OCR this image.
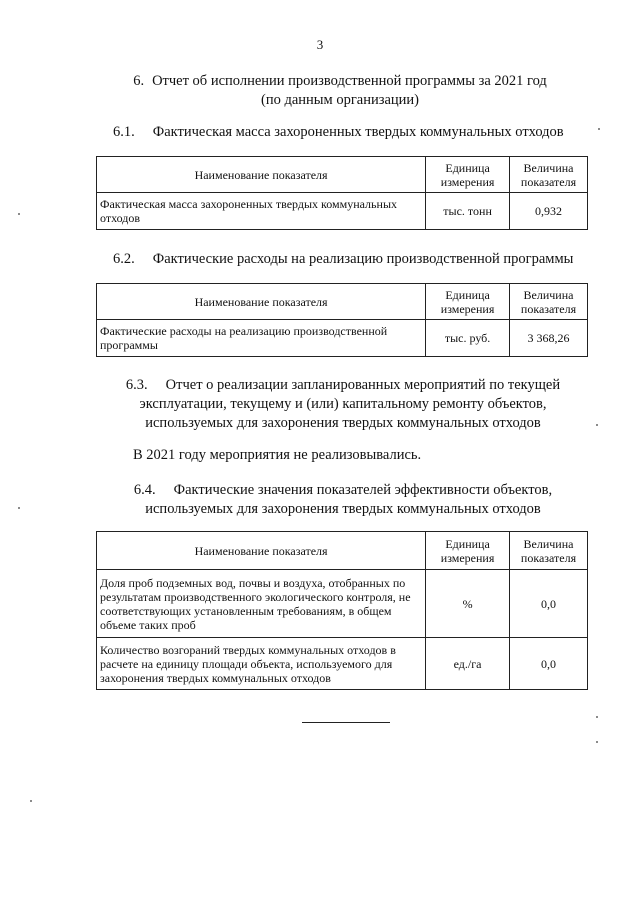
3
6. Отчет об исполнении производственной программы за 2021 год
(по данным организации)
6.1. Фактическая масса захороненных твердых коммунальных отходов
Наименование показателя	Единица измерения	Величина показателя
Фактическая масса захороненных твердых коммунальных отходов	тыс. тонн	0,932
6.2. Фактические расходы на реализацию производственной программы
Наименование показателя	Единица измерения	Величина показателя
Фактические расходы на реализацию производственной программы	тыс. руб.	3 368,26
6.3. Отчет о реализации запланированных мероприятий по текущей
эксплуатации, текущему и (или) капитальному ремонту объектов,
используемых для захоронения твердых коммунальных отходов
В 2021 году мероприятия не реализовывались.
6.4. Фактические значения показателей эффективности объектов,
используемых для захоронения твердых коммунальных отходов
Наименование показателя	Единица измерения	Величина показателя
Доля проб подземных вод, почвы и воздуха, отобранных по результатам производственного экологического контроля, не соответствующих установленным требованиям, в общем объеме таких проб	%	0,0
Количество возгораний твердых коммунальных отходов в расчете на единицу площади объекта, используемого для захоронения твердых коммунальных отходов	ед./га	0,0
